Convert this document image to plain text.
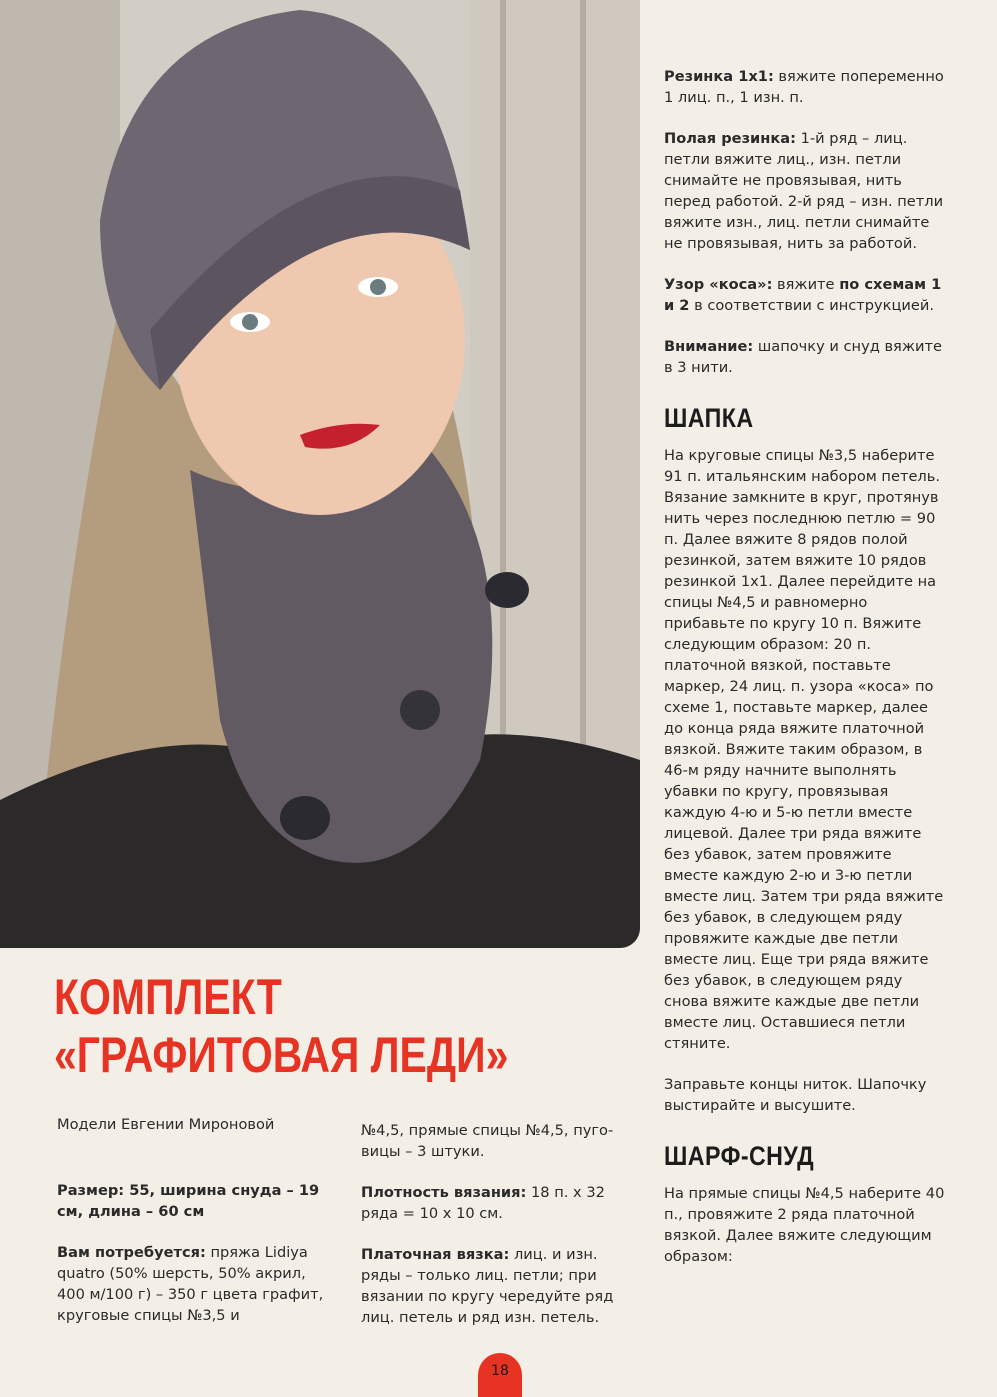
Резинка 1х1: вяжите попеременно 1 лиц. п., 1 изн. п.

Полая резинка: 1-й ряд – лиц. петли вяжите лиц., изн. петли снимайте не провязывая, нить перед работой. 2-й ряд – изн. петли вяжите изн., лиц. петли снимайте не провязывая, нить за работой.

Узор «коса»: вяжите по схемам 1 и 2 в соответствии с инструкцией.

Внимание: шапочку и снуд вяжите в 3 нити.

ШАПКА

На круговые спицы №3,5 наберите 91 п. итальянским набором петель. Вязание замкните в круг, протянув нить через последнюю петлю = 90 п. Далее вяжите 8 рядов полой резинкой, затем вяжите 10 рядов резинкой 1х1. Далее перейдите на спицы №4,5 и равномерно прибавьте по кругу 10 п. Вяжите следующим образом: 20 п. платочной вязкой, поставьте маркер, 24 лиц. п. узора «коса» по схеме 1, поставьте маркер, далее до конца ряда вяжите платочной вязкой. Вяжите таким образом, в 46-м ряду начните выполнять убавки по кругу, провязывая каждую 4-ю и 5-ю петли вместе лицевой. Далее три ряда вяжите без убавок, затем провяжите вместе каждую 2-ю и 3-ю петли вместе лиц. Затем три ряда вяжите без убавок, в следующем ряду провяжите каждые две петли вместе лиц. Еще три ряда вяжите без убавок, в следующем ряду снова вяжите каждые две петли вместе лиц. Оставшиеся петли стяните.

Заправьте концы ниток. Шапочку выстирайте и высушите.

ШАРФ-СНУД

На прямые спицы №4,5 наберите 40 п., провяжите 2 ряда платочной вязкой. Далее вяжите следующим образом:

КОМПЛЕКТ
«ГРАФИТОВАЯ ЛЕДИ»
Модели Евгении Мироновой

Размер: 55, ширина снуда – 19 см, длина – 60 см

Вам потребуется: пряжа Lidiya quatro (50% шерсть, 50% акрил, 400 м/100 г) – 350 г цвета графит, круговые спицы №3,5 и

№4,5, прямые спицы №4,5, пуговицы – 3 штуки.

Плотность вязания: 18 п. х 32 ряда = 10 х 10 см.

Платочная вязка: лиц. и изн. ряды – только лиц. петли; при вязании по кругу чередуйте ряд лиц. петель и ряд изн. петель.

18
